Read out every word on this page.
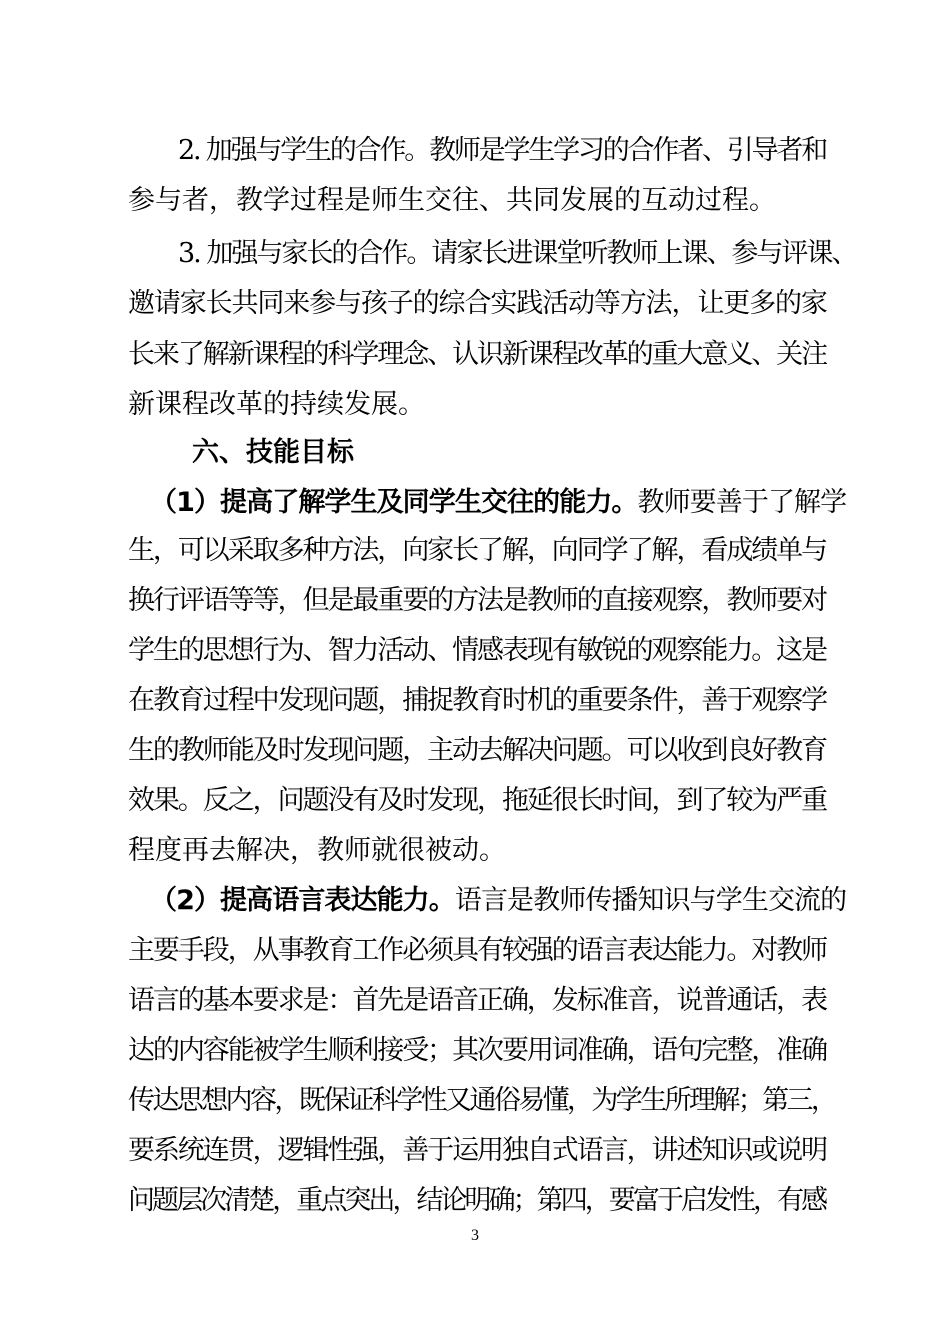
2. 加强与学生的合作。教师是学生学习的合作者、引导者和
参与者，教学过程是师生交往、共同发展的互动过程。
3. 加强与家长的合作。请家长进课堂听教师上课、参与评课、
邀请家长共同来参与孩子的综合实践活动等方法，让更多的家
长来了解新课程的科学理念、认识新课程改革的重大意义、关注
新课程改革的持续发展。
六、技能目标
（1）提高了解学生及同学生交往的能力。教师要善于了解学
生，可以采取多种方法，向家长了解，向同学了解，看成绩单与
换行评语等等，但是最重要的方法是教师的直接观察，教师要对
学生的思想行为、智力活动、情感表现有敏锐的观察能力。这是
在教育过程中发现问题，捕捉教育时机的重要条件，善于观察学
生的教师能及时发现问题，主动去解决问题。可以收到良好教育
效果。反之，问题没有及时发现，拖延很长时间，到了较为严重
程度再去解决，教师就很被动。
（2）提高语言表达能力。语言是教师传播知识与学生交流的
主要手段，从事教育工作必须具有较强的语言表达能力。对教师
语言的基本要求是：首先是语音正确，发标准音，说普通话，表
达的内容能被学生顺利接受；其次要用词准确，语句完整，准确
传达思想内容，既保证科学性又通俗易懂，为学生所理解；第三，
要系统连贯，逻辑性强，善于运用独自式语言，讲述知识或说明
问题层次清楚，重点突出，结论明确；第四，要富于启发性，有感
3
